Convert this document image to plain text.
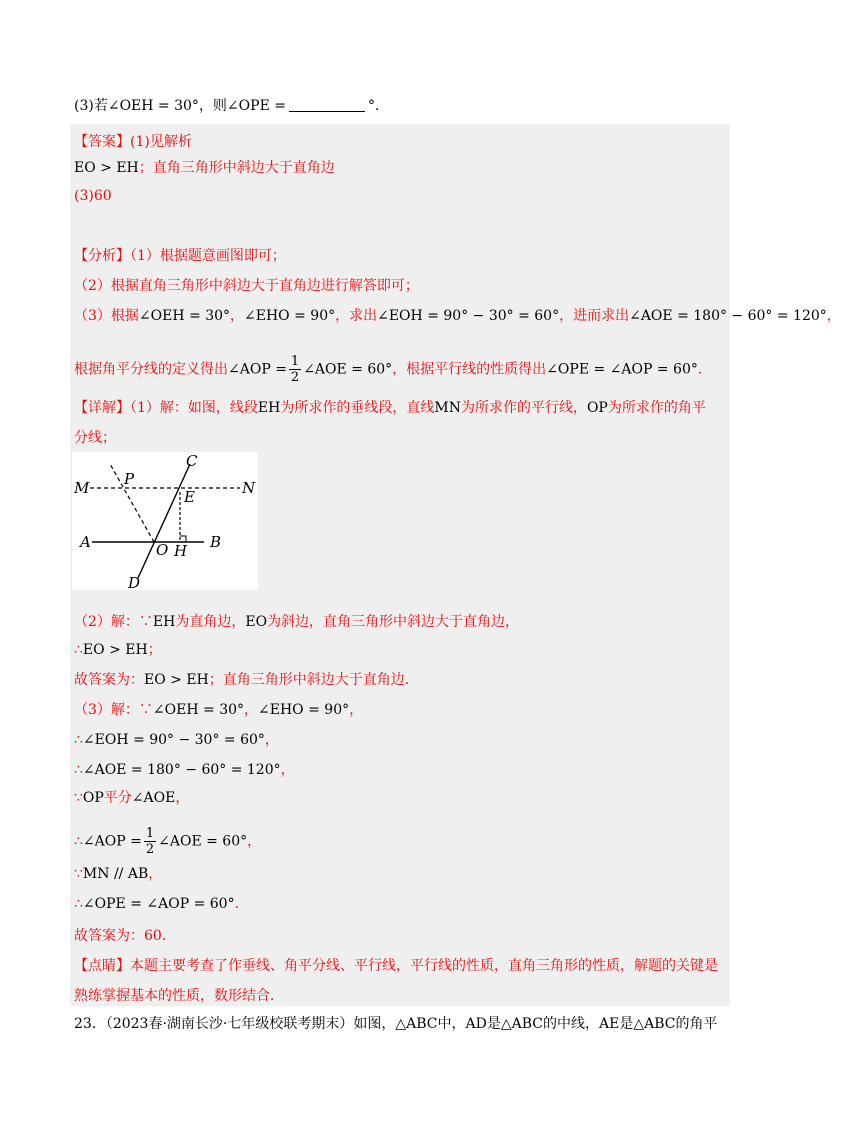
(3)若∠OEH = 30°，则∠OPE =	°．
【答案】(1)见解析
EO > EH；直角三角形中斜边大于直角边
(3)60
【分析】（1）根据题意画图即可；
（2）根据直角三角形中斜边大于直角边进行解答即可；
（3）根据∠OEH = 30°，∠EHO = 90°，求出∠EOH = 90° − 30° = 60°，进而求出∠AOE = 180° − 60° = 120°，
根据角平分线的定义得出∠AOP = $\frac{1}{2}$ ∠AOE = 60°，根据平行线的性质得出∠OPE = ∠AOP = 60°．
【详解】（1）解：如图，线段EH为所求作的垂线段，直线MN为所求作的平行线，OP为所求作的角平
分线；
C
M P
E	N
A	O H B
D
（2）解：∵EH为直角边，EO为斜边，直角三角形中斜边大于直角边，
∴EO > EH；
故答案为：EO > EH；直角三角形中斜边大于直角边．
（3）解：∵∠OEH = 30°，∠EHO = 90°，
∴∠EOH = 90° − 30° = 60°，
∴∠AOE = 180° − 60° = 120°，
∵OP平分∠AOE，
∴∠AOP = $\frac{1}{2}$ ∠AOE = 60°，
∵MN // AB，
∴∠OPE = ∠AOP = 60°．
故答案为：60．
【点睛】本题主要考查了作垂线、角平分线、平行线，平行线的性质，直角三角形的性质，解题的关键是
熟练掌握基本的性质，数形结合．
23．（2023春·湖南长沙·七年级校联考期末）如图，△ABC中，AD是△ABC的中线，AE是△ABC的角平
